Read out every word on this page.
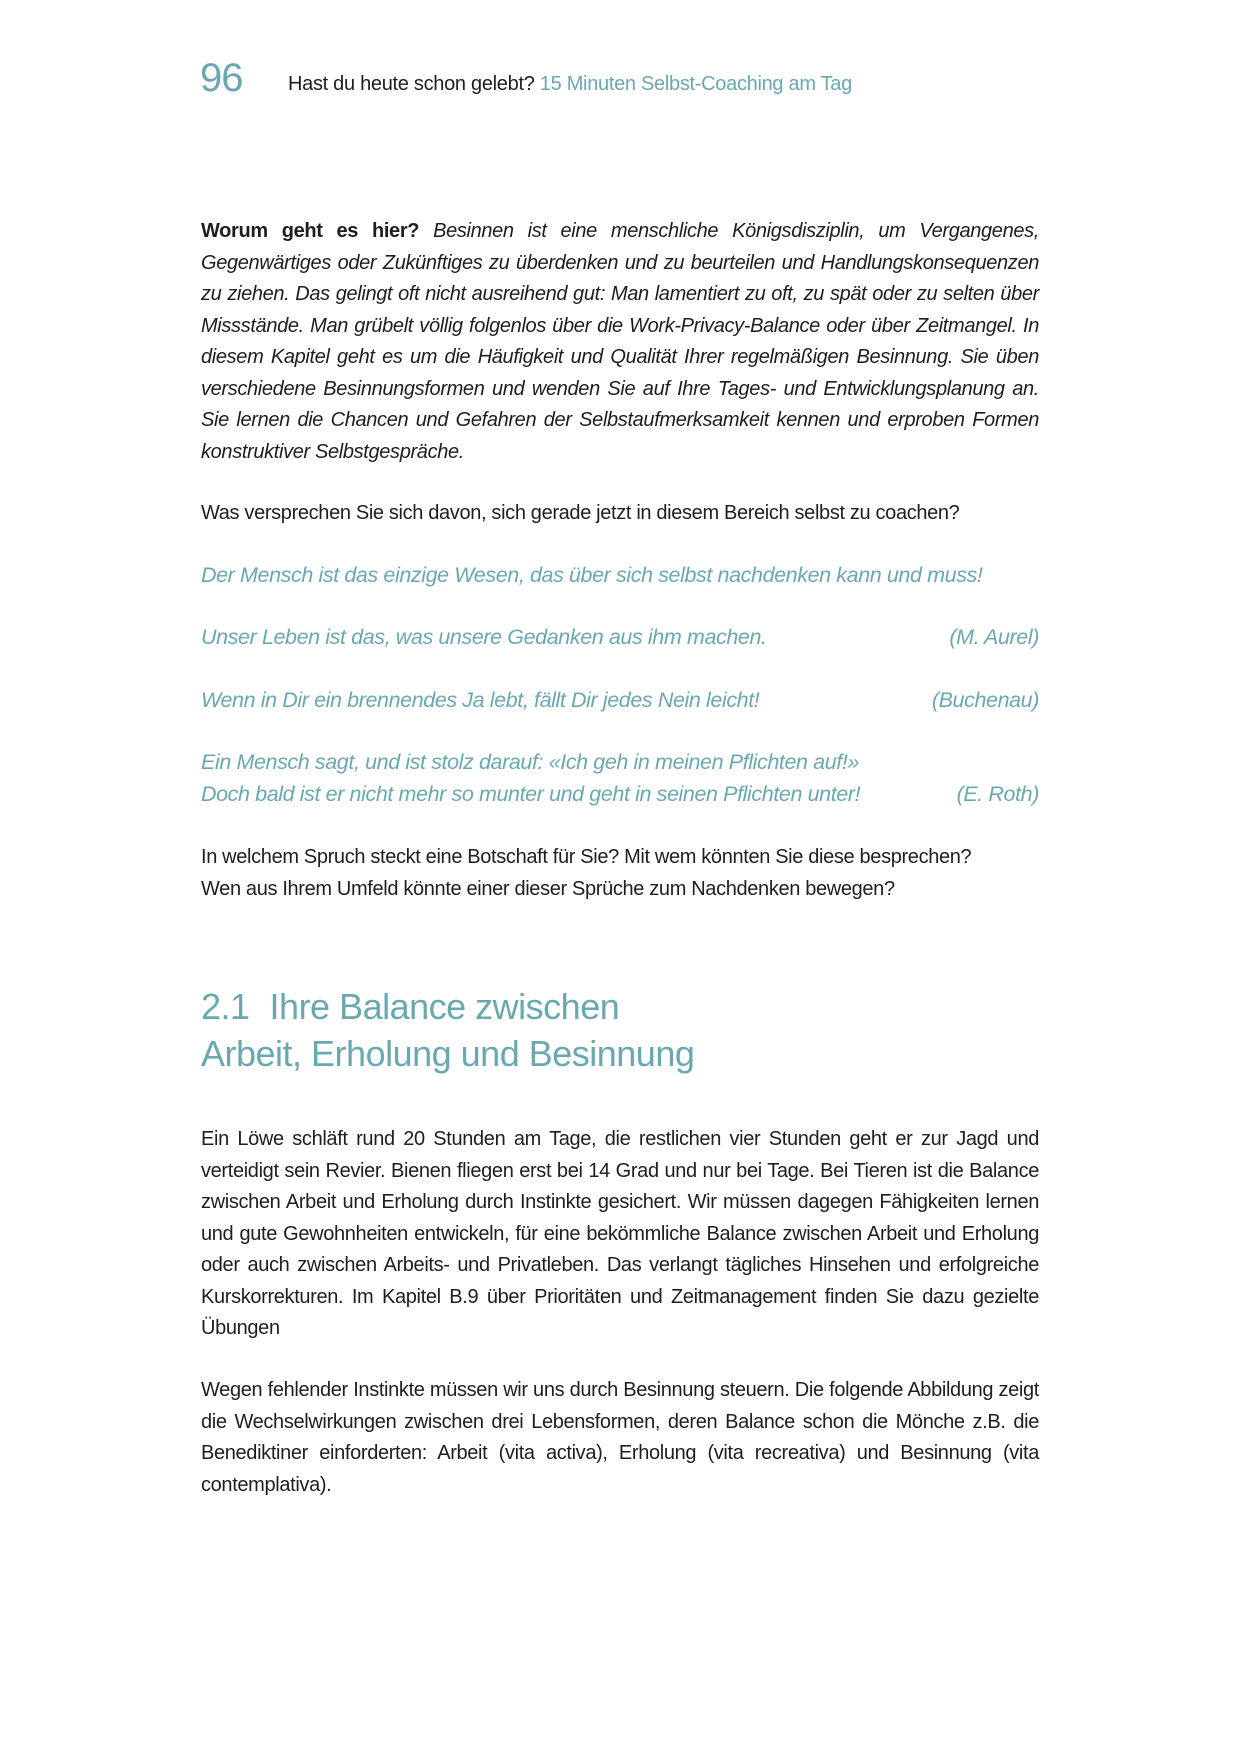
96 Hast du heute schon gelebt? 15 Minuten Selbst-Coaching am Tag

Worum geht es hier? Besinnen ist eine menschliche Königsdisziplin, um Vergangenes, Gegenwärtiges oder Zukünftiges zu überdenken und zu beurteilen und Handlungskonsequenzen zu ziehen. Das gelingt oft nicht ausreihend gut: Man lamentiert zu oft, zu spät oder zu selten über Missstände. Man grübelt völlig folgenlos über die Work-Privacy-Balance oder über Zeitmangel. In diesem Kapitel geht es um die Häufigkeit und Qualität Ihrer regelmäßigen Besinnung. Sie üben verschiedene Besinnungsformen und wenden Sie auf Ihre Tages- und Entwicklungsplanung an. Sie lernen die Chancen und Gefahren der Selbstaufmerksamkeit kennen und erproben Formen konstruktiver Selbstgespräche.

Was versprechen Sie sich davon, sich gerade jetzt in diesem Bereich selbst zu coachen?

Der Mensch ist das einzige Wesen, das über sich selbst nachdenken kann und muss!
Unser Leben ist das, was unsere Gedanken aus ihm machen.	(M. Aurel)
Wenn in Dir ein brennendes Ja lebt, fällt Dir jedes Nein leicht!	(Buchenau)
Ein Mensch sagt, und ist stolz darauf: «Ich geh in meinen Pflichten auf!»
Doch bald ist er nicht mehr so munter und geht in seinen Pflichten unter!	(E. Roth)

In welchem Spruch steckt eine Botschaft für Sie? Mit wem könnten Sie diese besprechen?

Wen aus Ihrem Umfeld könnte einer dieser Sprüche zum Nachdenken bewegen?

2.1 Ihre Balance zwischen
Arbeit, Erholung und Besinnung

Ein Löwe schläft rund 20 Stunden am Tage, die restlichen vier Stunden geht er zur Jagd und verteidigt sein Revier. Bienen fliegen erst bei 14 Grad und nur bei Tage. Bei Tieren ist die Balance zwischen Arbeit und Erholung durch Instinkte gesichert. Wir müssen dagegen Fähigkeiten lernen und gute Gewohnheiten entwickeln, für eine bekömmliche Balance zwischen Arbeit und Erholung oder auch zwischen Arbeits- und Privatleben. Das verlangt tägliches Hinsehen und erfolgreiche Kurskorrekturen. Im Kapitel B.9 über Prioritäten und Zeitmanagement finden Sie dazu gezielte Übungen

Wegen fehlender Instinkte müssen wir uns durch Besinnung steuern. Die folgende Abbildung zeigt die Wechselwirkungen zwischen drei Lebensformen, deren Balance schon die Mönche z.B. die Benediktiner einforderten: Arbeit (vita activa), Erholung (vita recreativa) und Besinnung (vita contemplativa).
